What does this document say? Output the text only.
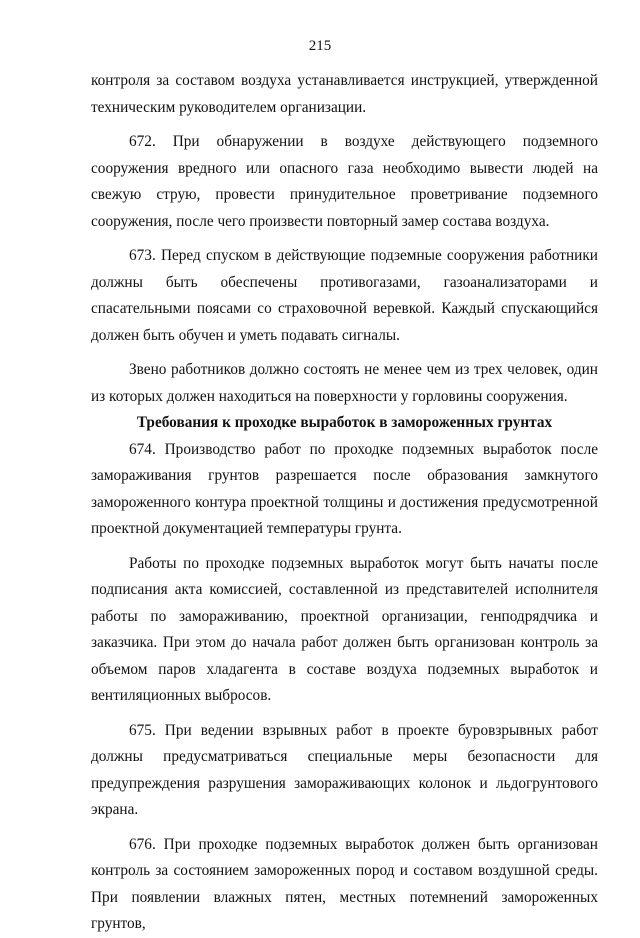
215

контроля за составом воздуха устанавливается инструкцией, утвержденной техническим руководителем организации.

672. При обнаружении в воздухе действующего подземного сооружения вредного или опасного газа необходимо вывести людей на свежую струю, провести принудительное проветривание подземного сооружения, после чего произвести повторный замер состава воздуха.

673. Перед спуском в действующие подземные сооружения работники должны быть обеспечены противогазами, газоанализаторами и спасательными поясами со страховочной веревкой. Каждый спускающийся должен быть обучен и уметь подавать сигналы.

Звено работников должно состоять не менее чем из трех человек, один из которых должен находиться на поверхности у горловины сооружения.

Требования к проходке выработок в замороженных грунтах

674. Производство работ по проходке подземных выработок после замораживания грунтов разрешается после образования замкнутого замороженного контура проектной толщины и достижения предусмотренной проектной документацией температуры грунта.

Работы по проходке подземных выработок могут быть начаты после подписания акта комиссией, составленной из представителей исполнителя работы по замораживанию, проектной организации, генподрядчика и заказчика. При этом до начала работ должен быть организован контроль за объемом паров хладагента в составе воздуха подземных выработок и вентиляционных выбросов.

675. При ведении взрывных работ в проекте буровзрывных работ должны предусматриваться специальные меры безопасности для предупреждения разрушения замораживающих колонок и льдогрунтового экрана.

676. При проходке подземных выработок должен быть организован контроль за состоянием замороженных пород и составом воздушной среды. При появлении влажных пятен, местных потемнений замороженных грунтов,
